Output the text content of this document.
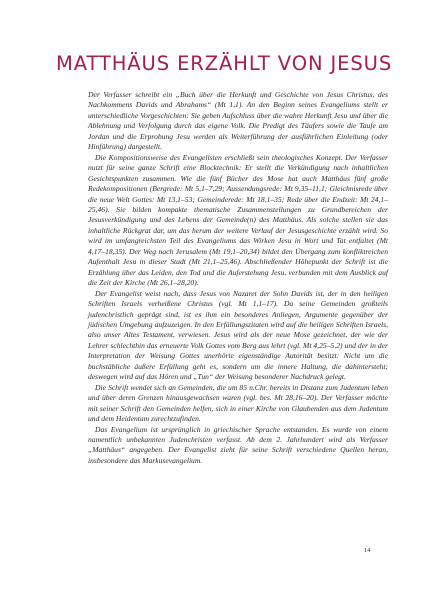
MATTHÄUS ERZÄHLT VON JESUS

Der Verfasser schreibt ein „Buch über die Herkunft und Geschichte von Jesus Christus, des Nachkommens Davids und Abrahams“ (Mt 1,1). An den Beginn seines Evangeliums stellt er unterschiedliche Vorgeschichten: Sie geben Aufschluss über die wahre Herkunft Jesu und über die Ablehnung und Verfolgung durch das eigene Volk. Die Predigt des Täufers sowie die Taufe am Jordan und die Erprobung Jesu werden als Weiterführung der ausführlichen Einleitung (oder Hinführung) dargestellt.

Die Kompositionsweise des Evangelisten erschließt sein theologisches Konzept. Der Verfasser nutzt für seine ganze Schrift eine Blocktechnik: Er stellt die Verkündigung nach inhaltlichen Gesichtspunkten zusammen. Wie die fünf Bücher des Mose hat auch Matthäus fünf große Redekompositionen (Bergrede: Mt 5,1–7,29; Aussendungsrede: Mt 9,35–11,1; Gleichnisrede über die neue Welt Gottes: Mt 13,1–53; Gemeinderede: Mt 18,1–35; Rede über die Endzeit: Mt 24,1–25,46). Sie bilden kompakte thematische Zusammenstellungen zu Grundbereichen der Jesusverkündigung und des Lebens der Gemeinde(n) des Matthäus. Als solche stellen sie das inhaltliche Rückgrat dar, um das herum der weitere Verlauf der Jesusgeschichte erzählt wird. So wird im umfangreichsten Teil des Evangeliums das Wirken Jesu in Wort und Tat entfaltet (Mt 4,17–18,35). Der Weg nach Jerusalem (Mt 19,1–20,34) bildet den Übergang zum konfliktreichen Aufenthalt Jesu in dieser Stadt (Mt 21,1–25,46). Abschließender Höhepunkt der Schrift ist die Erzählung über das Leiden, den Tod und die Auferstehung Jesu, verbunden mit dem Ausblick auf die Zeit der Kirche (Mt 26,1–28,20).

Der Evangelist weist nach, dass Jesus von Nazaret der Sohn Davids ist, der in den heiligen Schriften Israels verheißene Christus (vgl. Mt 1,1–17). Da seine Gemeinden großteils judenchristlich geprägt sind, ist es ihm ein besonderes Anliegen, Argumente gegenüber der jüdischen Umgebung aufzuzeigen. In den Erfüllungszitaten wird auf die heiligen Schriften Israels, also unser Altes Testament, verwiesen. Jesus wird als der neue Mose gezeichnet, der wie der Lehrer schlechthin das erneuerte Volk Gottes vom Berg aus lehrt (vgl. Mt 4,25–5,2) und der in der Interpretation der Weisung Gottes unerhörte eigenständige Autorität besitzt: Nicht um die buchstäbliche äußere Erfüllung geht es, sondern um die innere Haltung, die dahintersteht; deswegen wird auf das Hören und „Tun“ der Weisung besonderer Nachdruck gelegt.

Die Schrift wendet sich an Gemeinden, die um 85 n.Chr. bereits in Distanz zum Judentum leben und über deren Grenzen hinausgewachsen waren (vgl. bes. Mt 28,16–20). Der Verfasser möchte mit seiner Schrift den Gemeinden helfen, sich in einer Kirche von Glaubenden aus dem Judentum und dem Heidentum zurechtzufinden.

Das Evangelium ist ursprünglich in griechischer Sprache entstanden. Es wurde von einem namentlich unbekannten Judenchristen verfasst. Ab dem 2. Jahrhundert wird als Verfasser „Matthäus“ angegeben. Der Evangelist zieht für seine Schrift verschiedene Quellen heran, insbesondere das Markusevangelium.

14
